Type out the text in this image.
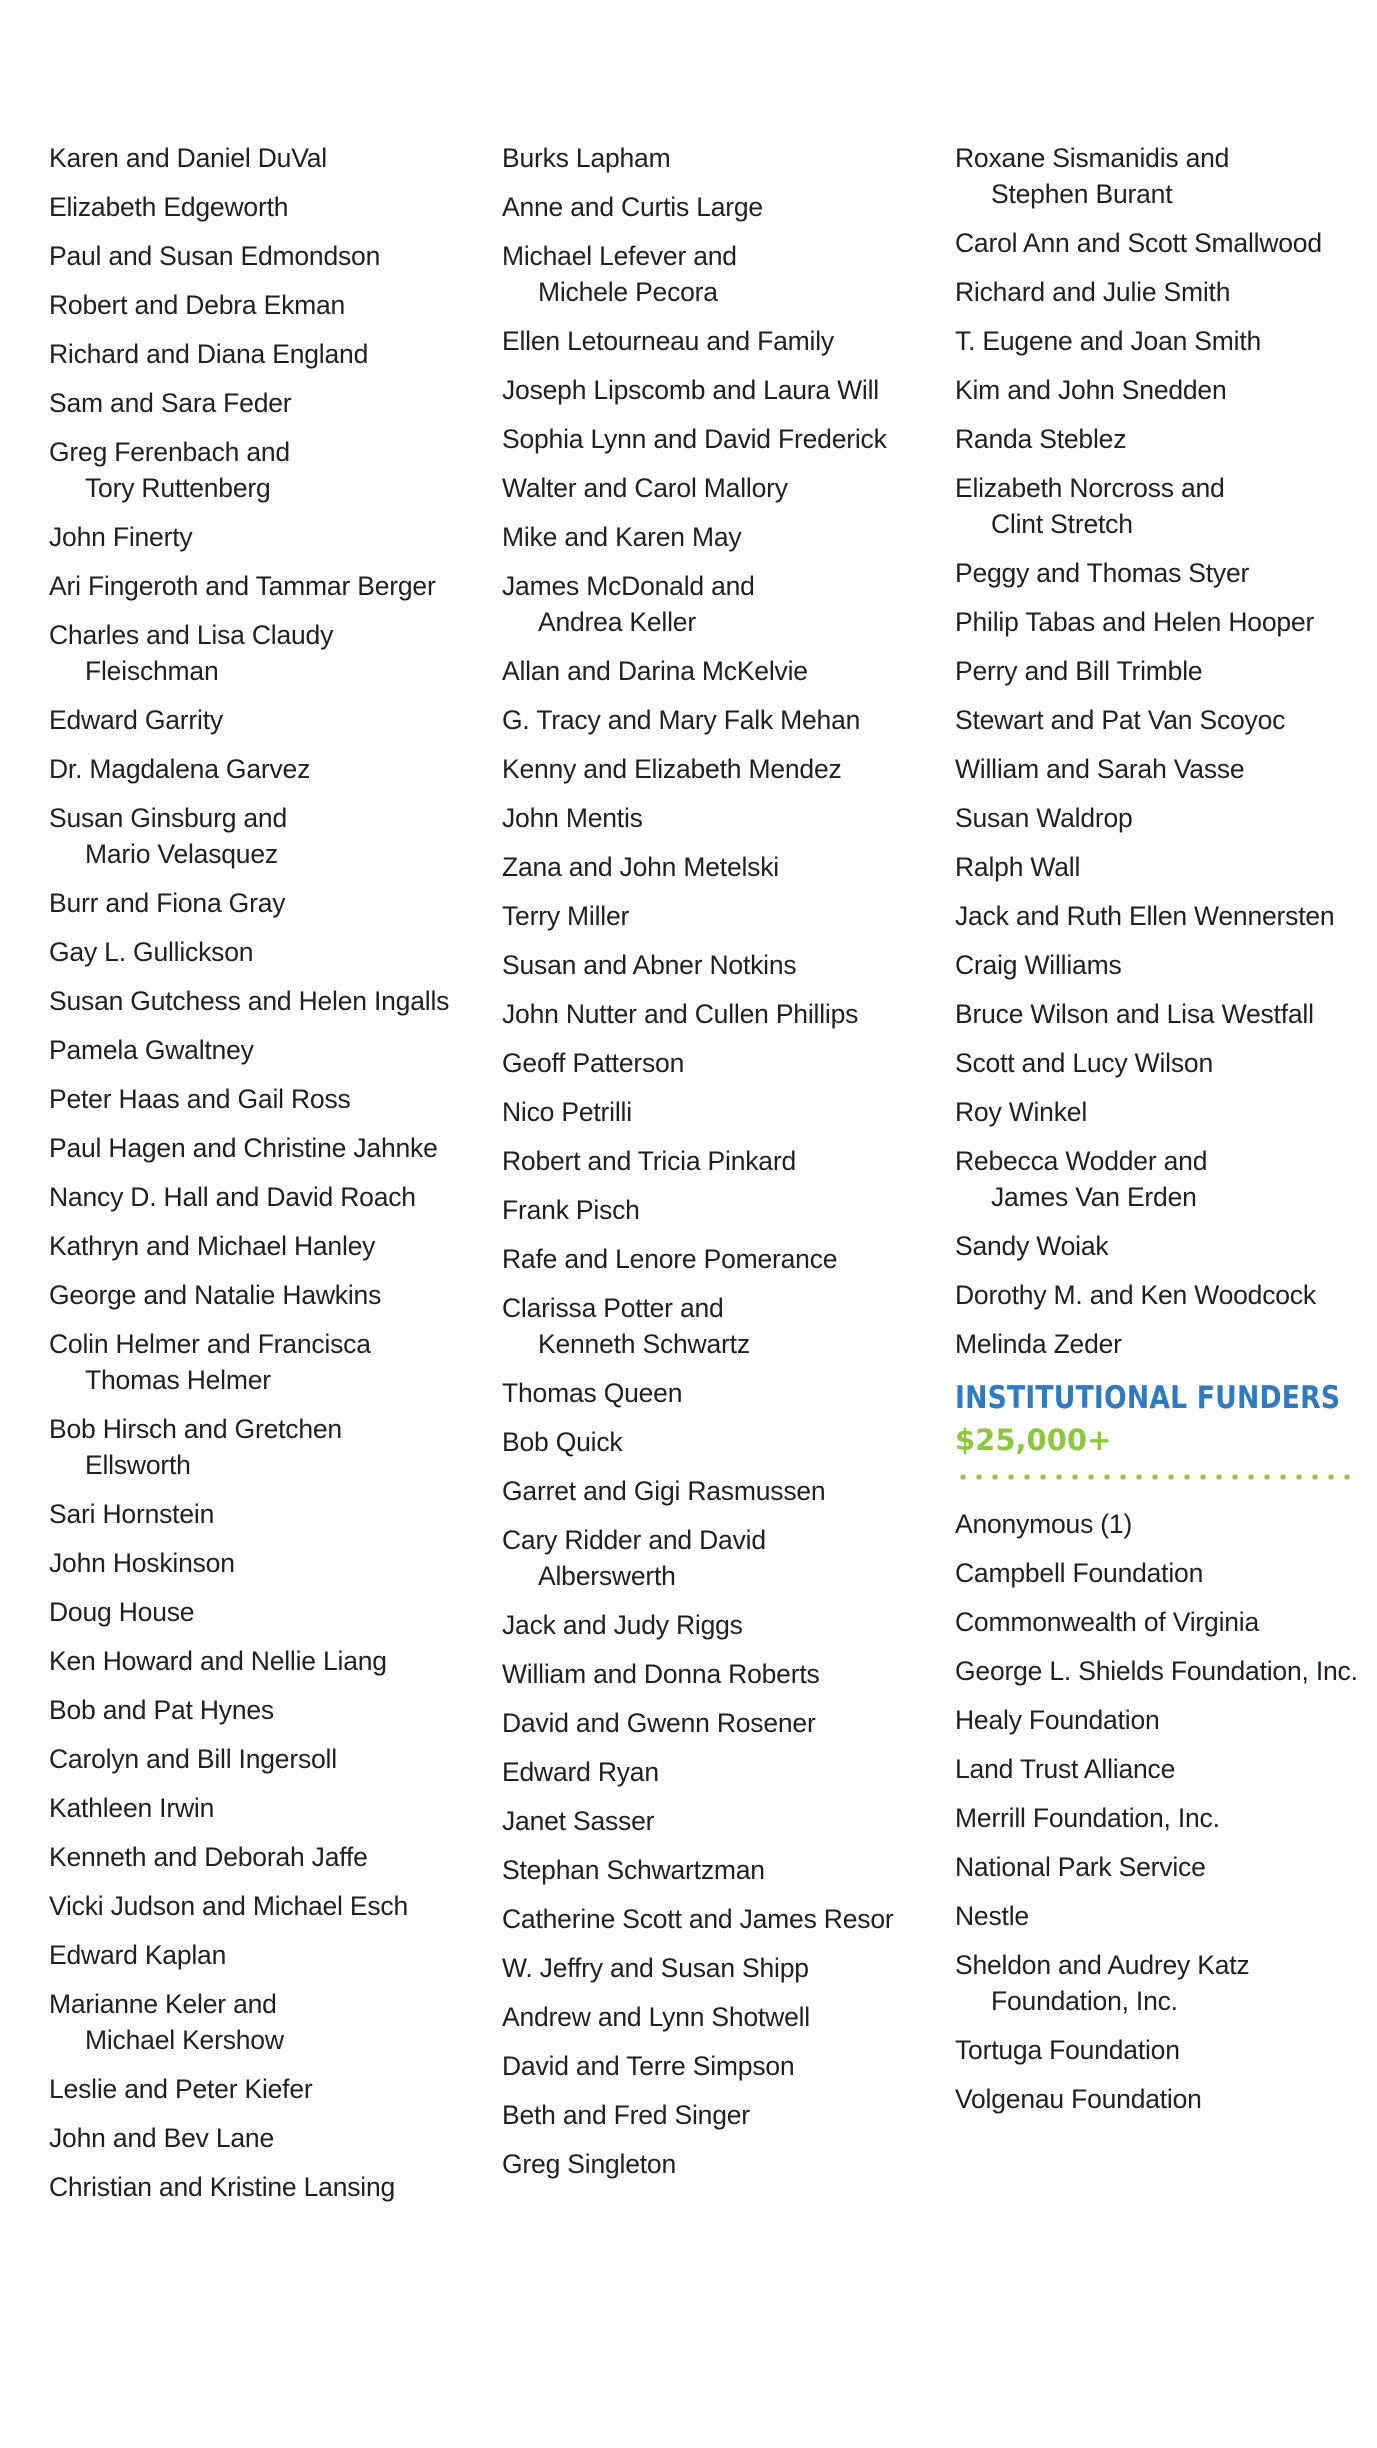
Karen and Daniel DuVal
Elizabeth Edgeworth
Paul and Susan Edmondson
Robert and Debra Ekman
Richard and Diana England
Sam and Sara Feder
Greg Ferenbach and
Tory Ruttenberg
John Finerty
Ari Fingeroth and Tammar Berger
Charles and Lisa Claudy
Fleischman
Edward Garrity
Dr. Magdalena Garvez
Susan Ginsburg and
Mario Velasquez
Burr and Fiona Gray
Gay L. Gullickson
Susan Gutchess and Helen Ingalls
Pamela Gwaltney
Peter Haas and Gail Ross
Paul Hagen and Christine Jahnke
Nancy D. Hall and David Roach
Kathryn and Michael Hanley
George and Natalie Hawkins
Colin Helmer and Francisca
Thomas Helmer
Bob Hirsch and Gretchen
Ellsworth
Sari Hornstein
John Hoskinson
Doug House
Ken Howard and Nellie Liang
Bob and Pat Hynes
Carolyn and Bill Ingersoll
Kathleen Irwin
Kenneth and Deborah Jaffe
Vicki Judson and Michael Esch
Edward Kaplan
Marianne Keler and
Michael Kershow
Leslie and Peter Kiefer
John and Bev Lane
Christian and Kristine Lansing
Burks Lapham
Anne and Curtis Large
Michael Lefever and
Michele Pecora
Ellen Letourneau and Family
Joseph Lipscomb and Laura Will
Sophia Lynn and David Frederick
Walter and Carol Mallory
Mike and Karen May
James McDonald and
Andrea Keller
Allan and Darina McKelvie
G. Tracy and Mary Falk Mehan
Kenny and Elizabeth Mendez
John Mentis
Zana and John Metelski
Terry Miller
Susan and Abner Notkins
John Nutter and Cullen Phillips
Geoff Patterson
Nico Petrilli
Robert and Tricia Pinkard
Frank Pisch
Rafe and Lenore Pomerance
Clarissa Potter and
Kenneth Schwartz
Thomas Queen
Bob Quick
Garret and Gigi Rasmussen
Cary Ridder and David
Alberswerth
Jack and Judy Riggs
William and Donna Roberts
David and Gwenn Rosener
Edward Ryan
Janet Sasser
Stephan Schwartzman
Catherine Scott and James Resor
W. Jeffry and Susan Shipp
Andrew and Lynn Shotwell
David and Terre Simpson
Beth and Fred Singer
Greg Singleton
Roxane Sismanidis and
Stephen Burant
Carol Ann and Scott Smallwood
Richard and Julie Smith
T. Eugene and Joan Smith
Kim and John Snedden
Randa Steblez
Elizabeth Norcross and
Clint Stretch
Peggy and Thomas Styer
Philip Tabas and Helen Hooper
Perry and Bill Trimble
Stewart and Pat Van Scoyoc
William and Sarah Vasse
Susan Waldrop
Ralph Wall
Jack and Ruth Ellen Wennersten
Craig Williams
Bruce Wilson and Lisa Westfall
Scott and Lucy Wilson
Roy Winkel
Rebecca Wodder and
James Van Erden
Sandy Woiak
Dorothy M. and Ken Woodcock
Melinda Zeder
INSTITUTIONAL FUNDERS
$25,000+
Anonymous (1)
Campbell Foundation
Commonwealth of Virginia
George L. Shields Foundation, Inc.
Healy Foundation
Land Trust Alliance
Merrill Foundation, Inc.
National Park Service
Nestle
Sheldon and Audrey Katz
Foundation, Inc.
Tortuga Foundation
Volgenau Foundation
